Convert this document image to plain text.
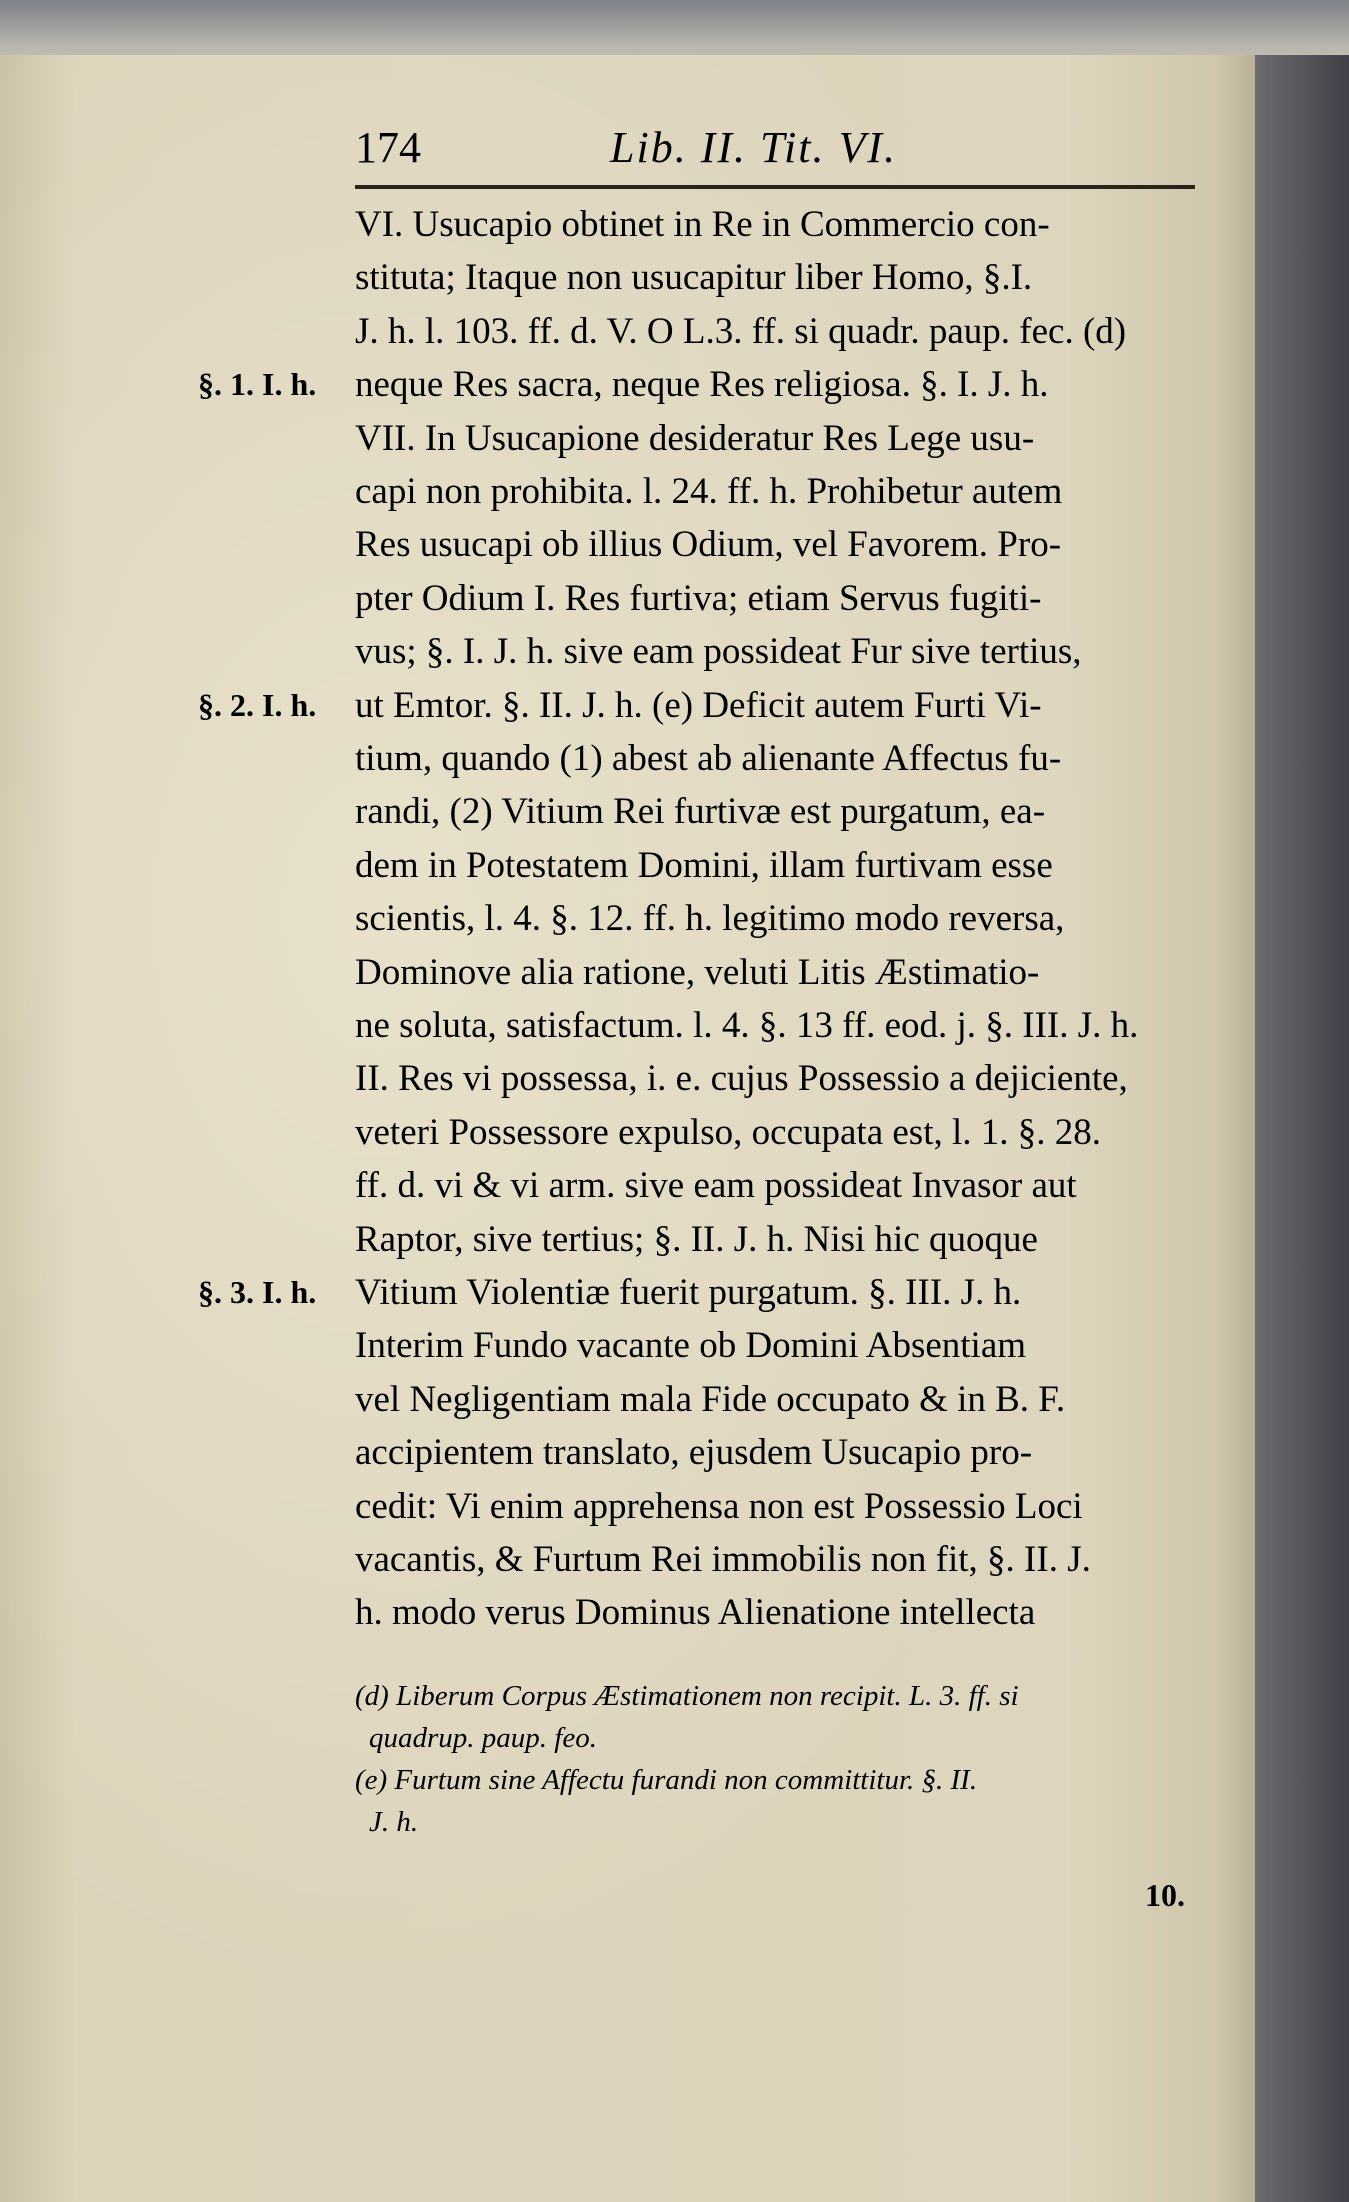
174	Lib. II. Tit. VI.
VI. Usucapio obtinet in Re in Commercio con-
stituta; Itaque non usucapitur liber Homo, §.I.
J. h. l. 103. ff. d. V. O L.3. ff. si quadr. paup. fec. (d)
neque Res sacra, neque Res religiosa. §. I. J. h.
VII. In Usucapione desideratur Res Lege usu-
capi non prohibita. l. 24. ff. h. Prohibetur autem
Res usucapi ob illius Odium, vel Favorem. Pro-
pter Odium I. Res furtiva; etiam Servus fugiti-
vus; §. I. J. h. sive eam possideat Fur sive tertius,
ut Emtor. §. II. J. h. (e) Deficit autem Furti Vi-
tium, quando (1) abest ab alienante Affectus fu-
randi, (2) Vitium Rei furtivæ est purgatum, ea-
dem in Potestatem Domini, illam furtivam esse
scientis, l. 4. §. 12. ff. h. legitimo modo reversa,
Dominove alia ratione, veluti Litis Æstimatio-
ne soluta, satisfactum. l. 4. §. 13 ff. eod. j. §. III. J. h.
II. Res vi possessa, i. e. cujus Possessio a dejiciente,
veteri Possessore expulso, occupata est, l. 1. §. 28.
ff. d. vi & vi arm. sive eam possideat Invasor aut
Raptor, sive tertius; §. II. J. h. Nisi hic quoque
Vitium Violentiæ fuerit purgatum. §. III. J. h.
Interim Fundo vacante ob Domini Absentiam
vel Negligentiam mala Fide occupato & in B. F.
accipientem translato, ejusdem Usucapio pro-
cedit: Vi enim apprehensa non est Possessio Loci
vacantis, & Furtum Rei immobilis non fit, §. II. J.
h. modo verus Dominus Alienatione intellecta
§. 1. I. h.
§. 2. I. h.
§. 3. I. h.
(d) Liberum Corpus Æstimationem non recipit. L. 3. ff. si
quadrup. paup. feo.
(e) Furtum sine Affectu furandi non committitur. §. II.
J. h.
10.
